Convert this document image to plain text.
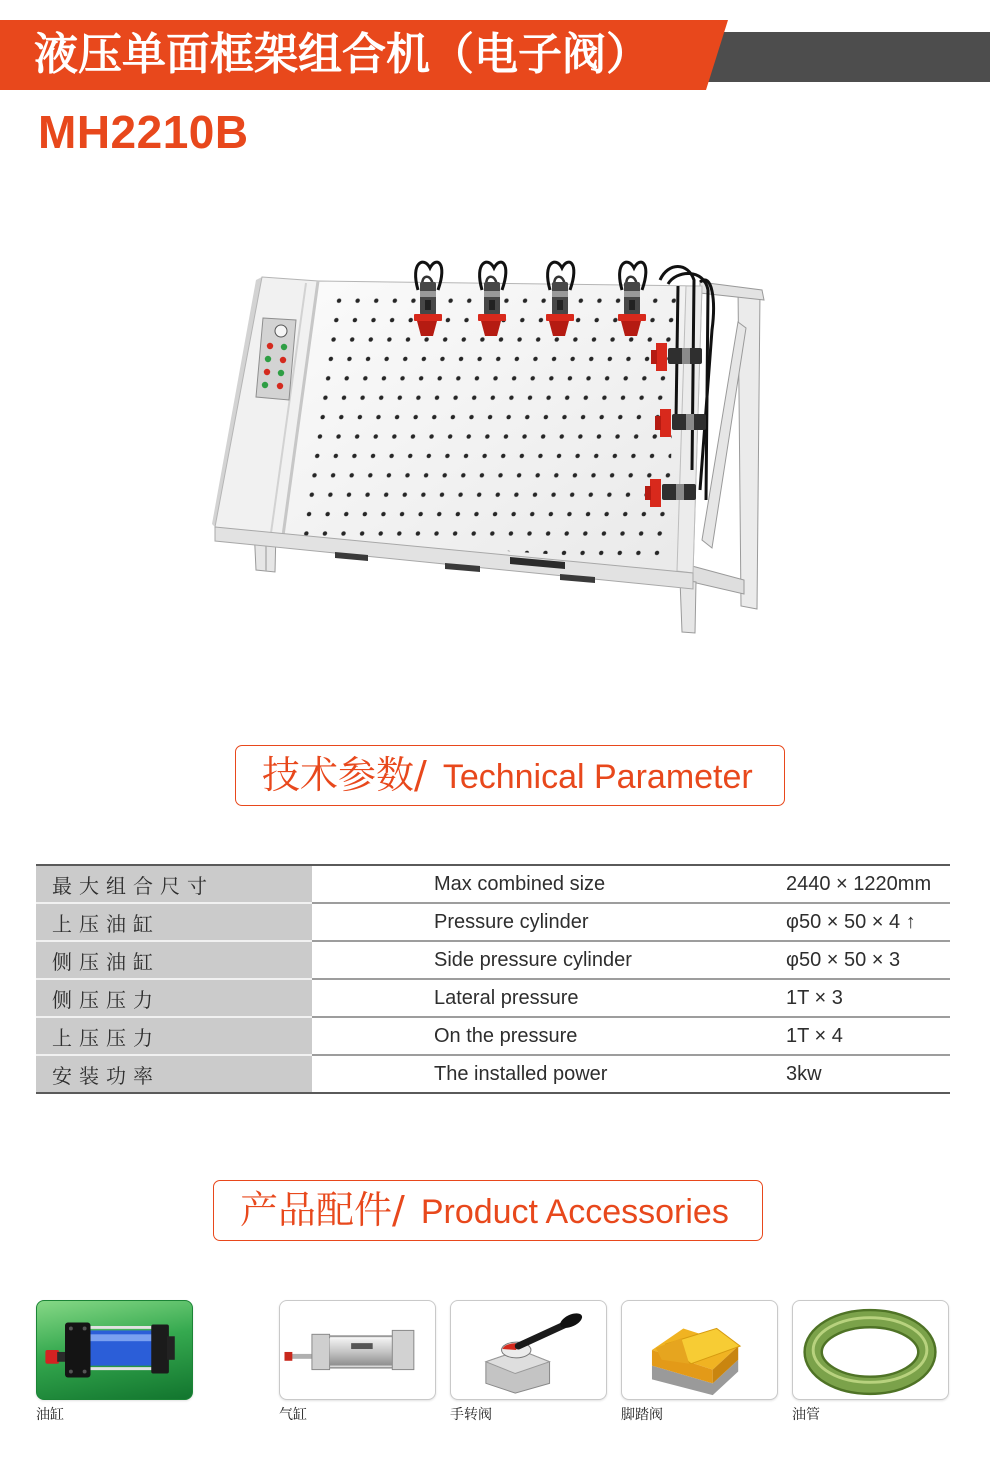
液压单面框架组合机（电子阀）
MH2210B
技术参数/ Technical Parameter
最大组合尺寸	Max combined size	2440 × 1220mm
上压油缸	Pressure cylinder	φ50 × 50 × 4 ↑
侧压油缸	Side pressure cylinder	φ50 × 50 × 3
侧压压力	Lateral pressure	1T × 3
上压压力	On the pressure	1T × 4
安装功率	The installed power	3kw
产品配件/ Product Accessories
油缸	气缸	手转阀	脚踏阀	油管
